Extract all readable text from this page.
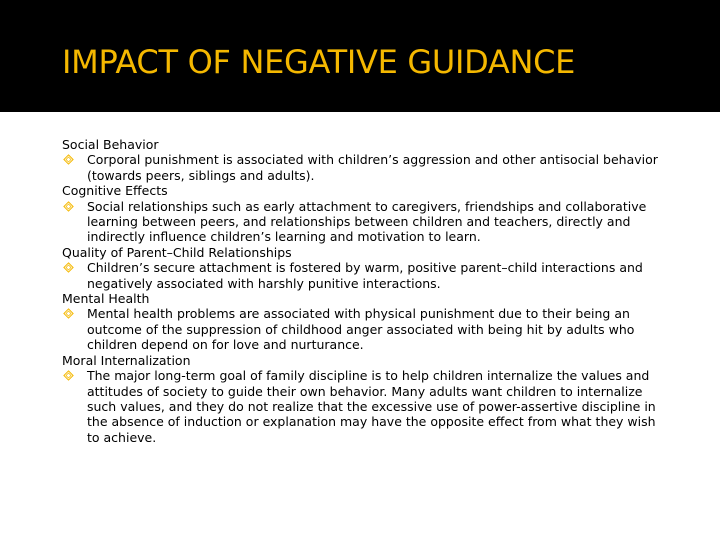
IMPACT OF NEGATIVE GUIDANCE

Social Behavior

Corporal punishment is associated with children’s aggression and other antisocial behavior (towards peers, siblings and adults).

Cognitive Effects

Social relationships such as early attachment to caregivers, friendships and collaborative learning between peers, and relationships between children and teachers, directly and indirectly influence children’s learning and motivation to learn.

Quality of Parent–Child Relationships

Children’s secure attachment is fostered by warm, positive parent–child interactions and negatively associated with harshly punitive interactions.

Mental Health

Mental health problems are associated with physical punishment due to their being an outcome of the suppression of childhood anger associated with being hit by adults who children depend on for love and nurturance.

Moral Internalization

The major long-term goal of family discipline is to help children internalize the values and attitudes of society to guide their own behavior. Many adults want children to internalize such values, and they do not realize that the excessive use of power-assertive discipline in the absence of induction or explanation may have the opposite effect from what they wish to achieve.
